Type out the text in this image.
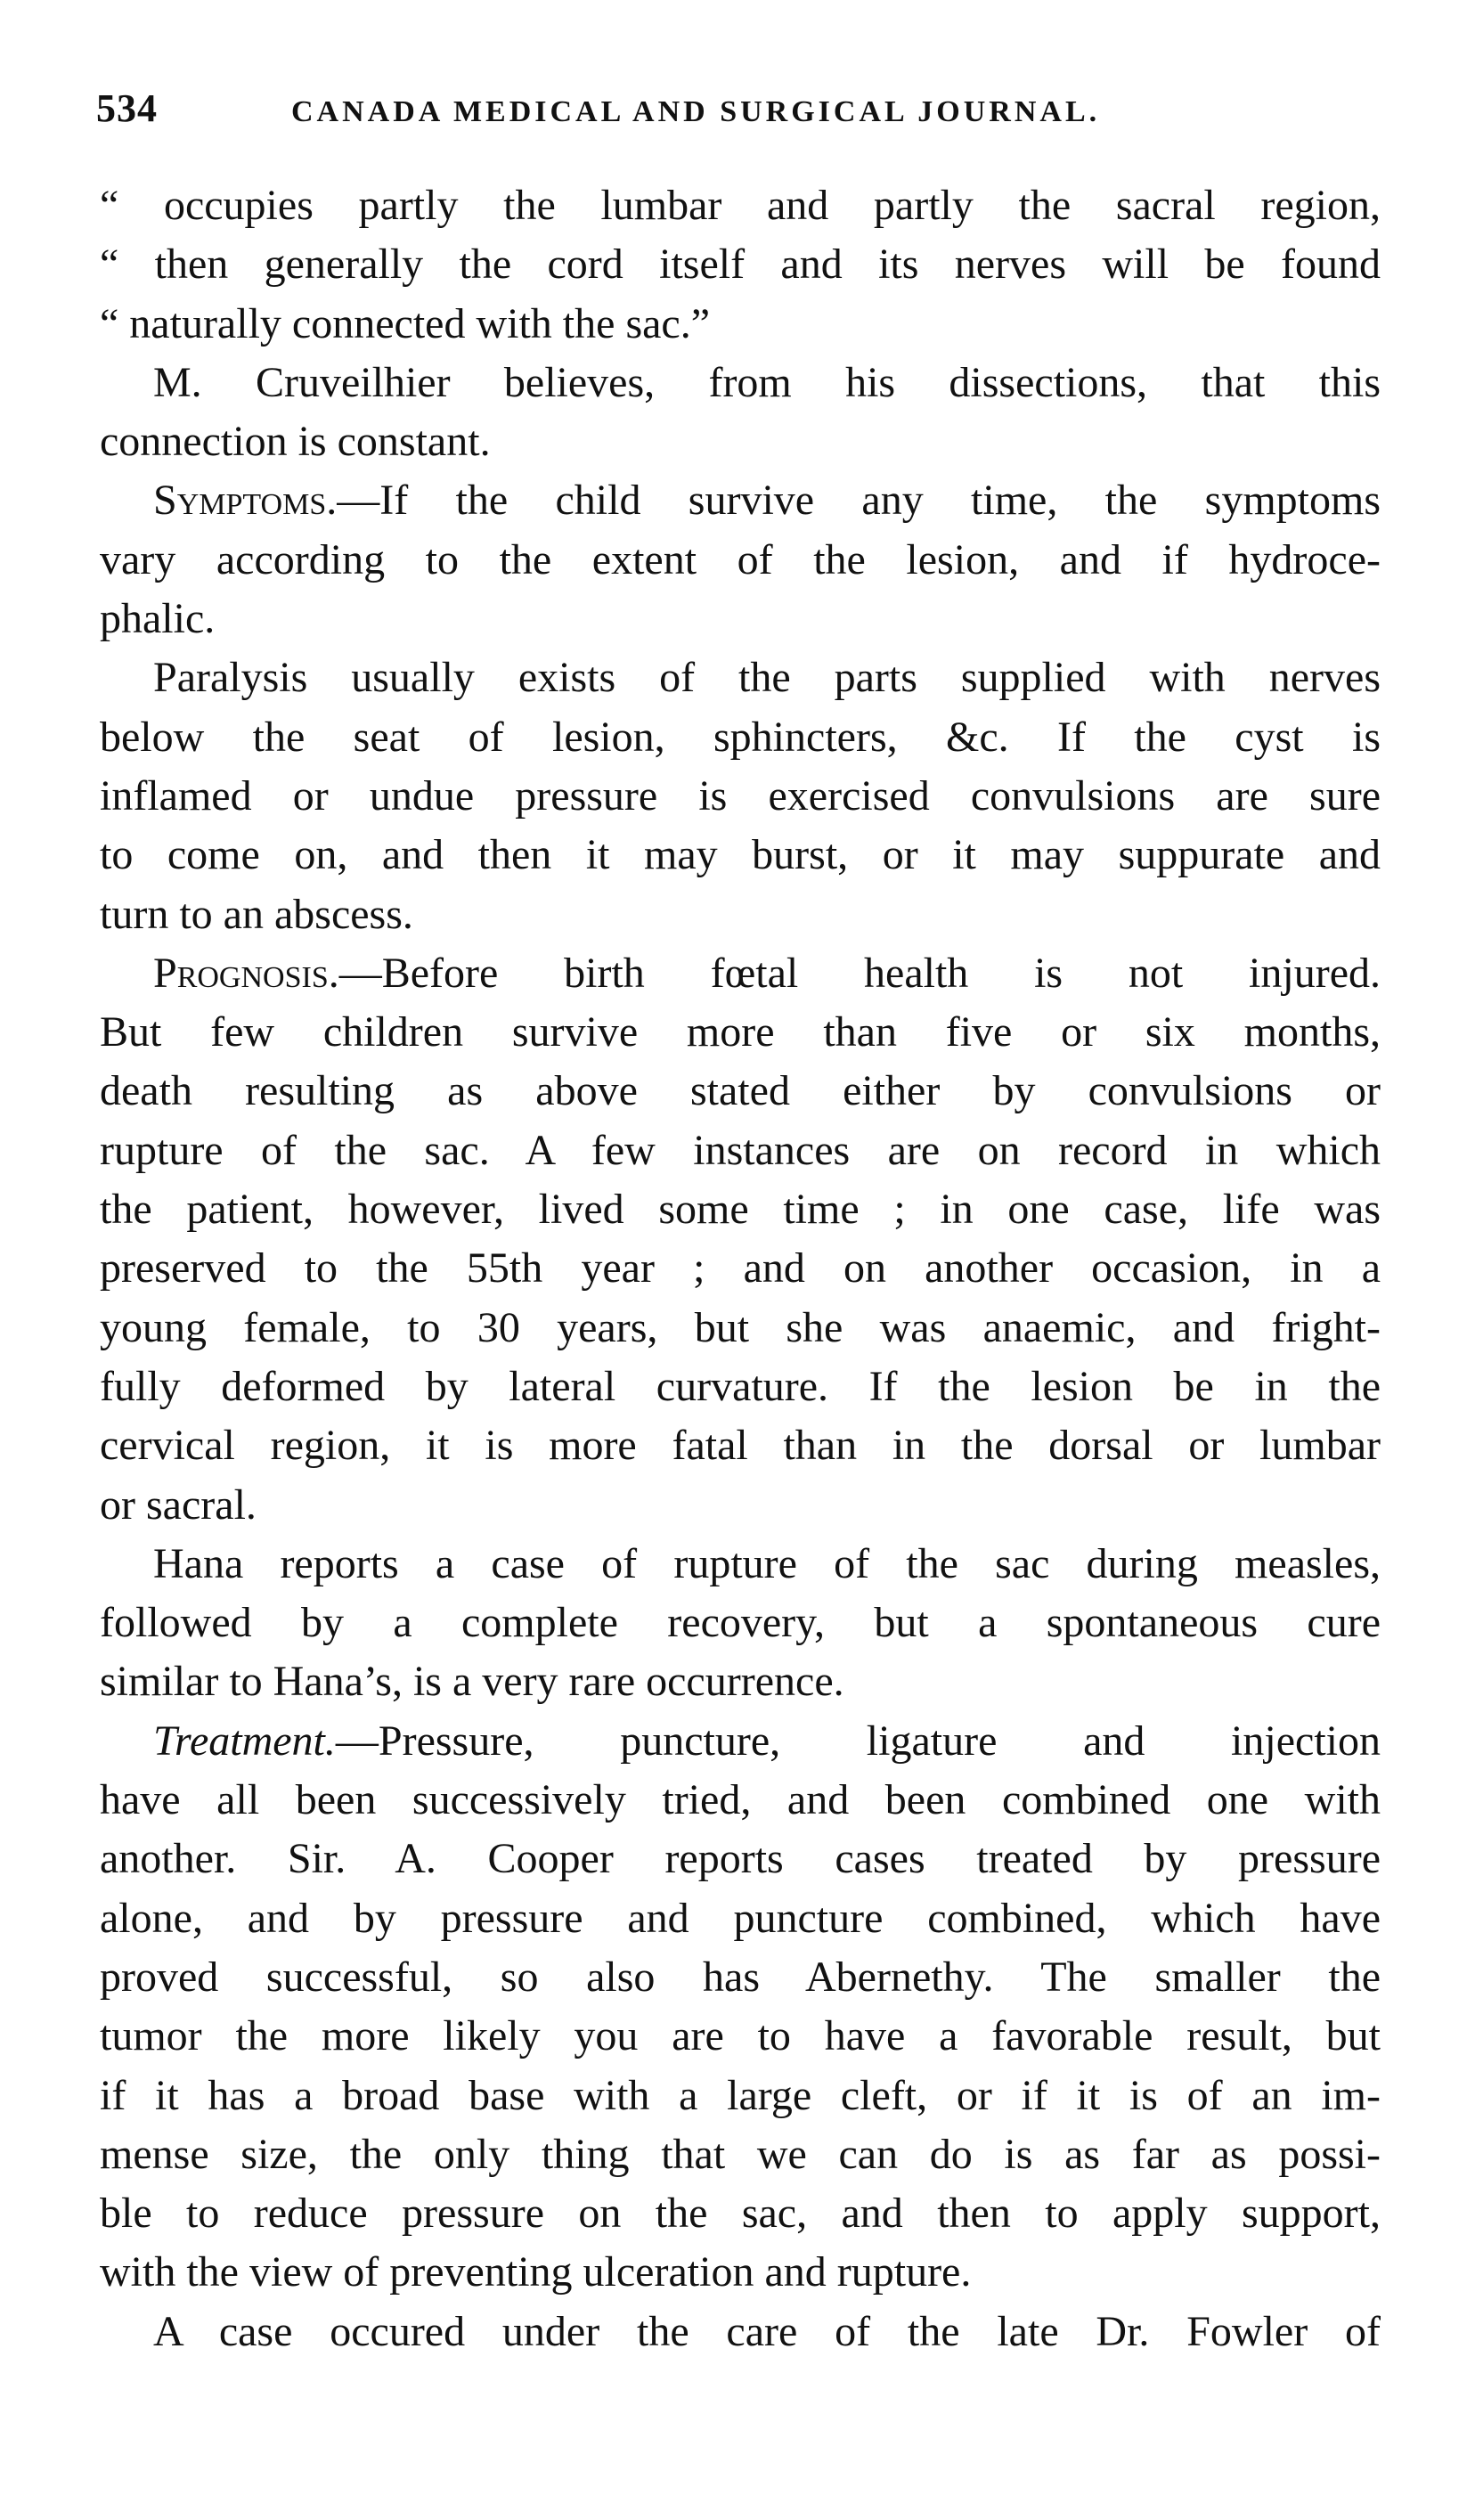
534	CANADA MEDICAL AND SURGICAL JOURNAL.
“ occupies partly the lumbar and partly the sacral region,
“ then generally the cord itself and its nerves will be found
“ naturally connected with the sac.”
M. Cruveilhier believes, from his dissections, that this
connection is constant.
Symptoms.—If the child survive any time, the symptoms
vary according to the extent of the lesion, and if hydroce-
phalic.
Paralysis usually exists of the parts supplied with nerves
below the seat of lesion, sphincters, &c. If the cyst is
inflamed or undue pressure is exercised convulsions are sure
to come on, and then it may burst, or it may suppurate and
turn to an abscess.
Prognosis.—Before birth fœtal health is not injured.
But few children survive more than five or six months,
death resulting as above stated either by convulsions or
rupture of the sac. A few instances are on record in which
the patient, however, lived some time ; in one case, life was
preserved to the 55th year ; and on another occasion, in a
young female, to 30 years, but she was anaemic, and fright-
fully deformed by lateral curvature. If the lesion be in the
cervical region, it is more fatal than in the dorsal or lumbar
or sacral.
Hana reports a case of rupture of the sac during measles,
followed by a complete recovery, but a spontaneous cure
similar to Hana’s, is a very rare occurrence.
Treatment.—Pressure, puncture, ligature and injection
have all been successively tried, and been combined one with
another. Sir. A. Cooper reports cases treated by pressure
alone, and by pressure and puncture combined, which have
proved successful, so also has Abernethy. The smaller the
tumor the more likely you are to have a favorable result, but
if it has a broad base with a large cleft, or if it is of an im-
mense size, the only thing that we can do is as far as possi-
ble to reduce pressure on the sac, and then to apply support,
with the view of preventing ulceration and rupture.
A case occured under the care of the late Dr. Fowler of
